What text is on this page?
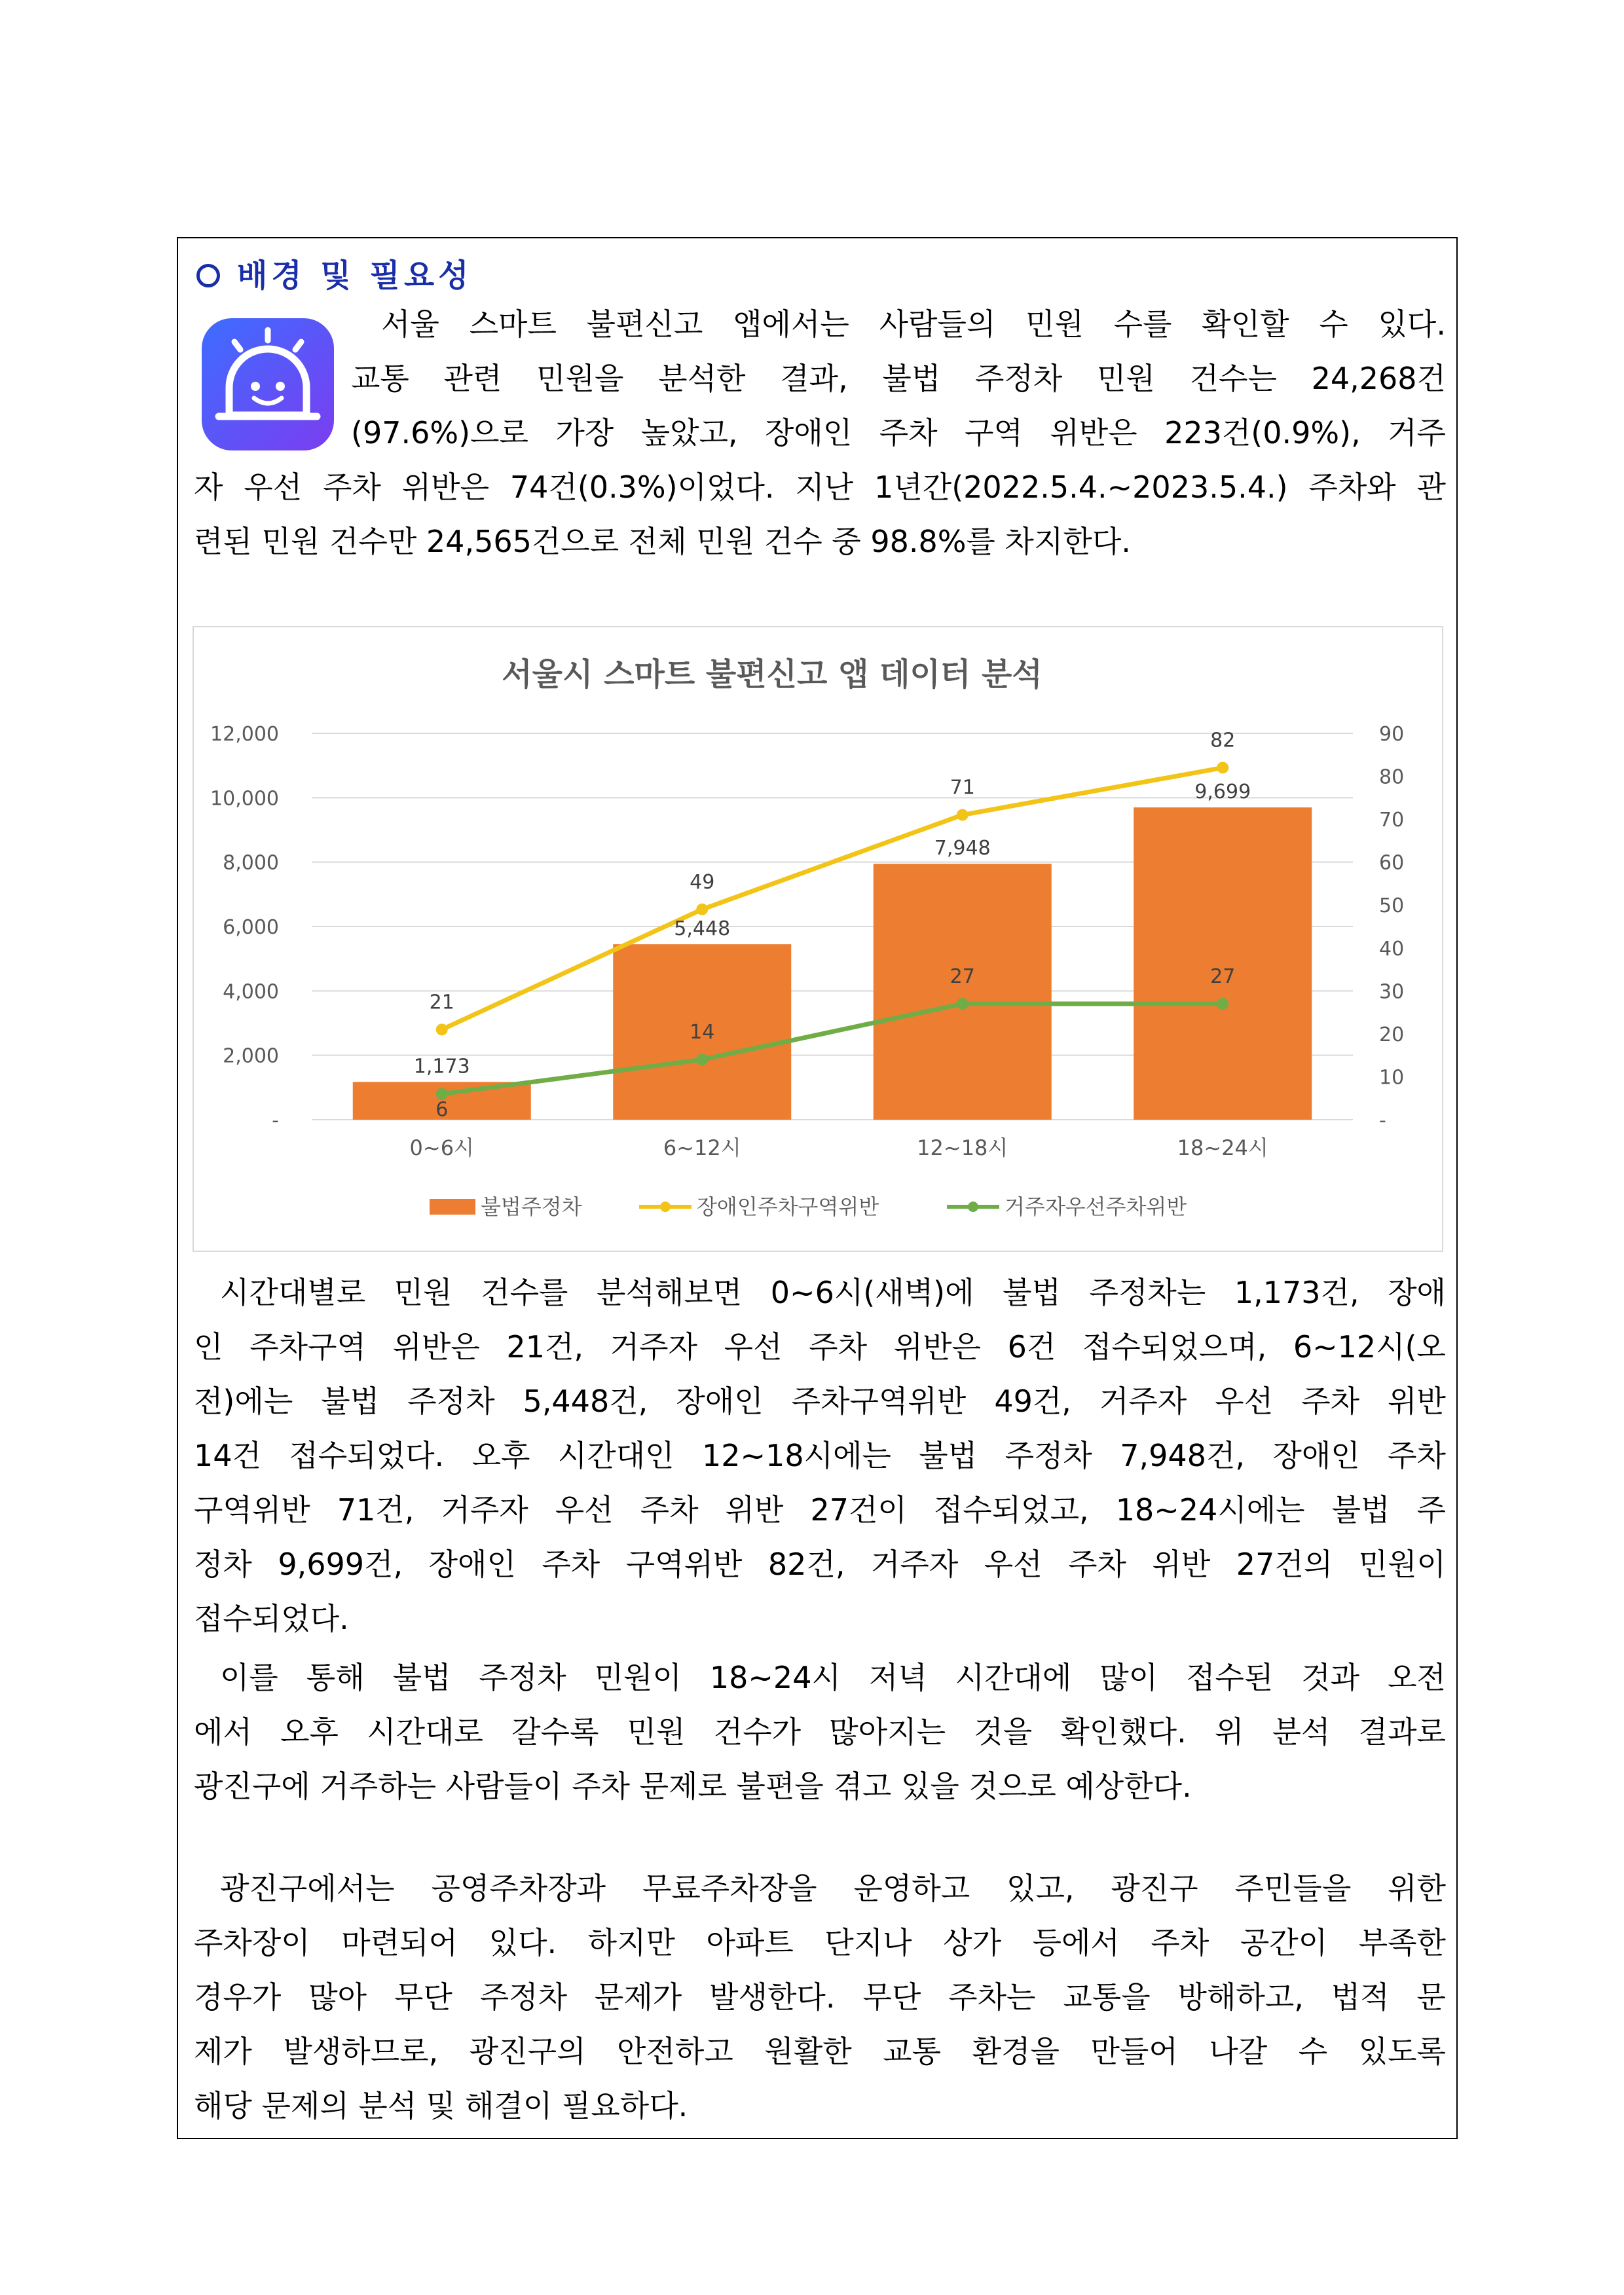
배경 및 필요성
서울 스마트 불편신고 앱에서는 사람들의 민원 수를 확인할 수 있다.
교통 관련 민원을 분석한 결과, 불법 주정차 민원 건수는 24,268건
(97.6%)으로 가장 높았고, 장애인 주차 구역 위반은 223건(0.9%), 거주
자 우선 주차 위반은 74건(0.3%)이었다. 지난 1년간(2022.5.4.~2023.5.4.) 주차와 관
련된 민원 건수만 24,565건으로 전체 민원 건수 중 98.8%를 차지한다.
서울시 스마트 불편신고 앱 데이터 분석
1,173
5,448
7,948
9,699
21
49
71
82
6
14
27	27
-
2,000
4,000
6,000
8,000
10,000
12,000
-
10
20
30
40
50
60
70
80
90
0~6시	6~12시	12~18시	18~24시
불법주정차	장애인주차구역위반	거주자우선주차위반
시간대별로 민원 건수를 분석해보면 0~6시(새벽)에 불법 주정차는 1,173건, 장애
인 주차구역 위반은 21건, 거주자 우선 주차 위반은 6건 접수되었으며, 6~12시(오
전)에는 불법 주정차 5,448건, 장애인 주차구역위반 49건, 거주자 우선 주차 위반
14건 접수되었다. 오후 시간대인 12~18시에는 불법 주정차 7,948건, 장애인 주차
구역위반 71건, 거주자 우선 주차 위반 27건이 접수되었고, 18~24시에는 불법 주
정차 9,699건, 장애인 주차 구역위반 82건, 거주자 우선 주차 위반 27건의 민원이
접수되었다.
이를 통해 불법 주정차 민원이 18~24시 저녁 시간대에 많이 접수된 것과 오전
에서 오후 시간대로 갈수록 민원 건수가 많아지는 것을 확인했다. 위 분석 결과로
광진구에 거주하는 사람들이 주차 문제로 불편을 겪고 있을 것으로 예상한다.
광진구에서는 공영주차장과 무료주차장을 운영하고 있고, 광진구 주민들을 위한
주차장이 마련되어 있다. 하지만 아파트 단지나 상가 등에서 주차 공간이 부족한
경우가 많아 무단 주정차 문제가 발생한다. 무단 주차는 교통을 방해하고, 법적 문
제가 발생하므로, 광진구의 안전하고 원활한 교통 환경을 만들어 나갈 수 있도록
해당 문제의 분석 및 해결이 필요하다.
